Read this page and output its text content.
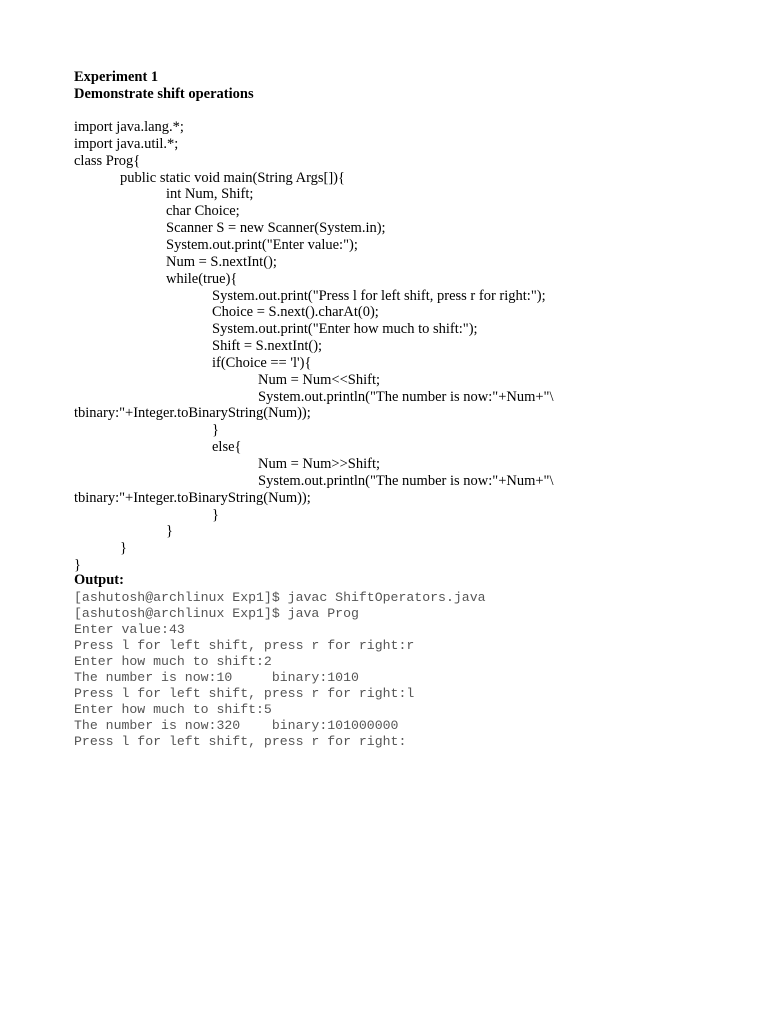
Experiment 1
Demonstrate shift operations
import java.lang.*;
import java.util.*;
class Prog{
public static void main(String Args[]){
int Num, Shift;
char Choice;
Scanner S = new Scanner(System.in);
System.out.print("Enter value:");
Num = S.nextInt();
while(true){
System.out.print("Press l for left shift, press r for right:");
Choice = S.next().charAt(0);
System.out.print("Enter how much to shift:");
Shift = S.nextInt();
if(Choice == 'l'){
Num = Num<<Shift;
System.out.println("The number is now:"+Num+"\
tbinary:"+Integer.toBinaryString(Num));
}
else{
Num = Num>>Shift;
System.out.println("The number is now:"+Num+"\
tbinary:"+Integer.toBinaryString(Num));
}
}
}
}
Output:
[ashutosh@archlinux Exp1]$ javac ShiftOperators.java
[ashutosh@archlinux Exp1]$ java Prog
Enter value:43
Press l for left shift, press r for right:r
Enter how much to shift:2
The number is now:10     binary:1010
Press l for left shift, press r for right:l
Enter how much to shift:5
The number is now:320    binary:101000000
Press l for left shift, press r for right:
